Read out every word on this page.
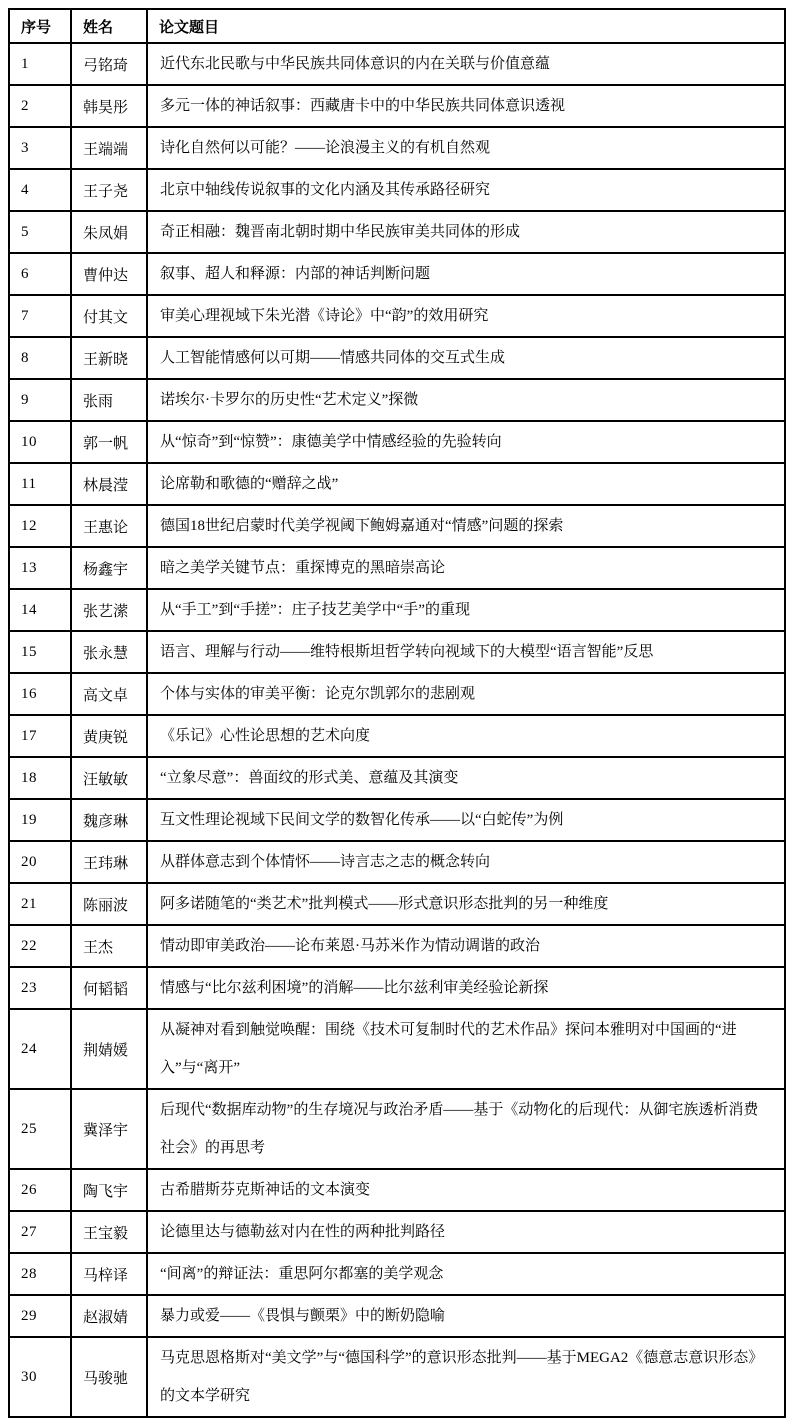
序号	姓名	论文题目
1	弓铭琦	近代东北民歌与中华民族共同体意识的内在关联与价值意蕴
2	韩昊彤	多元一体的神话叙事：西藏唐卡中的中华民族共同体意识透视
3	王端端	诗化自然何以可能？——论浪漫主义的有机自然观
4	王子尧	北京中轴线传说叙事的文化内涵及其传承路径研究
5	朱凤娟	奇正相融：魏晋南北朝时期中华民族审美共同体的形成
6	曹仲达	叙事、超人和释源：内部的神话判断问题
7	付其文	审美心理视域下朱光潜《诗论》中“韵”的效用研究
8	王新晓	人工智能情感何以可期——情感共同体的交互式生成
9	张雨	诺埃尔·卡罗尔的历史性“艺术定义”探微
10	郭一帆	从“惊奇”到“惊赞”：康德美学中情感经验的先验转向
11	林晨滢	论席勒和歌德的“赠辞之战”
12	王惠论	德国18世纪启蒙时代美学视阈下鲍姆嘉通对“情感”问题的探索
13	杨鑫宇	暗之美学关键节点：重探博克的黑暗崇高论
14	张艺潆	从“手工”到“手搓”：庄子技艺美学中“手”的重现
15	张永慧	语言、理解与行动——维特根斯坦哲学转向视域下的大模型“语言智能”反思
16	高文卓	个体与实体的审美平衡：论克尔凯郭尔的悲剧观
17	黄庚锐	《乐记》心性论思想的艺术向度
18	汪敏敏	“立象尽意”：兽面纹的形式美、意蕴及其演变
19	魏彦琳	互文性理论视域下民间文学的数智化传承——以“白蛇传”为例
20	王玮琳	从群体意志到个体情怀——诗言志之志的概念转向
21	陈丽波	阿多诺随笔的“类艺术”批判模式——形式意识形态批判的另一种维度
22	王杰	情动即审美政治——论布莱恩·马苏米作为情动调谐的政治
23	何韬韬	情感与“比尔兹利困境”的消解——比尔兹利审美经验论新探
24	荆婧媛	从凝神对看到触觉唤醒：围绕《技术可复制时代的艺术作品》探问本雅明对中国画的“进入”与“离开”
25	冀泽宇	后现代“数据库动物”的生存境况与政治矛盾——基于《动物化的后现代：从御宅族透析消费社会》的再思考
26	陶飞宇	古希腊斯芬克斯神话的文本演变
27	王宝毅	论德里达与德勒兹对内在性的两种批判路径
28	马梓译	“间离”的辩证法：重思阿尔都塞的美学观念
29	赵淑婧	暴力或爱——《畏惧与颤栗》中的断奶隐喻
30	马骏驰	马克思恩格斯对“美文学”与“德国科学”的意识形态批判——基于MEGA2《德意志意识形态》的文本学研究
